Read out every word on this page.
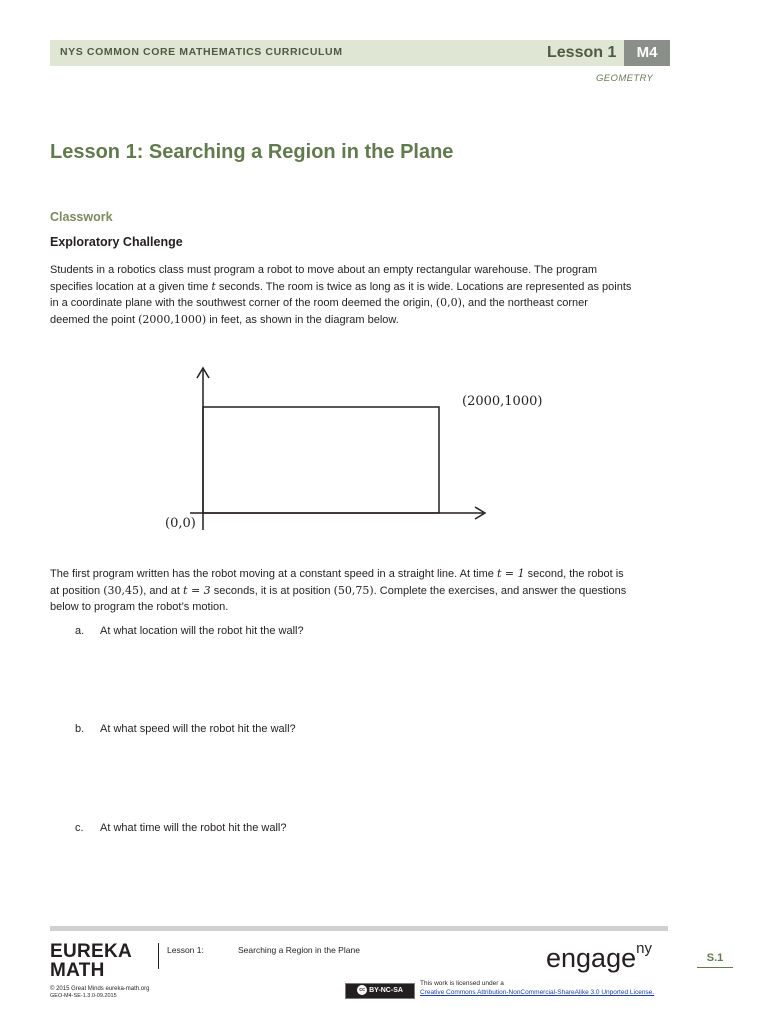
NYS COMMON CORE MATHEMATICS CURRICULUM	Lesson 1	M4
GEOMETRY
Lesson 1: Searching a Region in the Plane
Classwork
Exploratory Challenge
Students in a robotics class must program a robot to move about an empty rectangular warehouse. The program
specifies location at a given time t seconds. The room is twice as long as it is wide. Locations are represented as points
in a coordinate plane with the southwest corner of the room deemed the origin, (0,0), and the northeast corner
deemed the point (2000,1000) in feet, as shown in the diagram below.
(0,0)
(2000,1000)
The first program written has the robot moving at a constant speed in a straight line. At time t = 1 second, the robot is
at position (30,45), and at t = 3 seconds, it is at position (50,75). Complete the exercises, and answer the questions
below to program the robot’s motion.
a. At what location will the robot hit the wall?
b. At what speed will the robot hit the wall?
c. At what time will the robot hit the wall?
EUREKA
MATH
Lesson 1:	Searching a Region in the Plane	engage$^{ny}$
S.1
© 2015 Great Minds eureka-math.org
GEO-M4-SE-1.3.0-09.2015
cc BY-NC-SA
This work is licensed under a
Creative Commons Attribution-NonCommercial-ShareAlike 3.0 Unported License.
